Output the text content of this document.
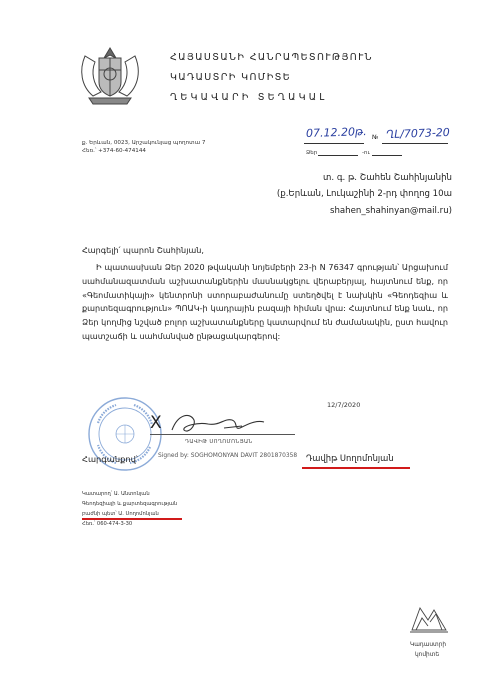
ՀԱՅԱՍՏԱՆԻ ՀԱՆՐԱՊԵՏՈՒԹՅՈՒՆ
ԿԱԴԱՍՏՐԻ ԿՈՄԻՏԵ
ՂԵԿԱՎԱՐԻ ՏԵՂԱԿԱԼ
ք. Երևան, 0023, Արշակունյաց պողոտա 7
Հեռ.՝ +374-60-474144
07.12.20թ. № ՂԼ/7073-20
Ձեր	-ու
տ. գ. թ. Շահեն Շահինյանին
(ք.Երևան, Լուկաշինի 2-րդ փողոց 10ա
shahen_shahinyan@mail.ru)
Հարգելի՛ պարոն Շահինյան,
Ի պատասխան Ձեր 2020 թվականի նոյեմբերի 23-ի N 76347 գրության՝ Արցախում սահմանազատման աշխատանքներին մասնակցելու վերաբերյալ, հայտնում ենք, որ «Գեոմատիկայի» կենտրոնի ստորաբաժանումը ստեղծվել է նախկին «Գեոդեզիա և քարտեզագրություն» ՊՈԱԿ-ի կադրային բազայի հիման վրա: Հայտնում ենք նաև, որ Ձեր կողմից նշված բոլոր աշխատանքները կատարվում են ժամանակին, ըստ հավուր պատշաճի և սահմանված ընթացակարգերով:
12/7/2020
X
ԴԱՎԻԹ ՍՈՂՈՄՈՆՅԱՆ
Հարգանքով՝	Signed by: SOGHOMONYAN DAVIT 2801870358 Դավիթ Սողոմոնյան
Կատարող՝ Ա. Անտոնյան
Գեոդեզիայի և քարտեզագրության
բաժնի պետ՝ Ա. Սողոմոնյան
Հեռ.՝ 060-474-3-30
Կադաստրի
կոմիտե
